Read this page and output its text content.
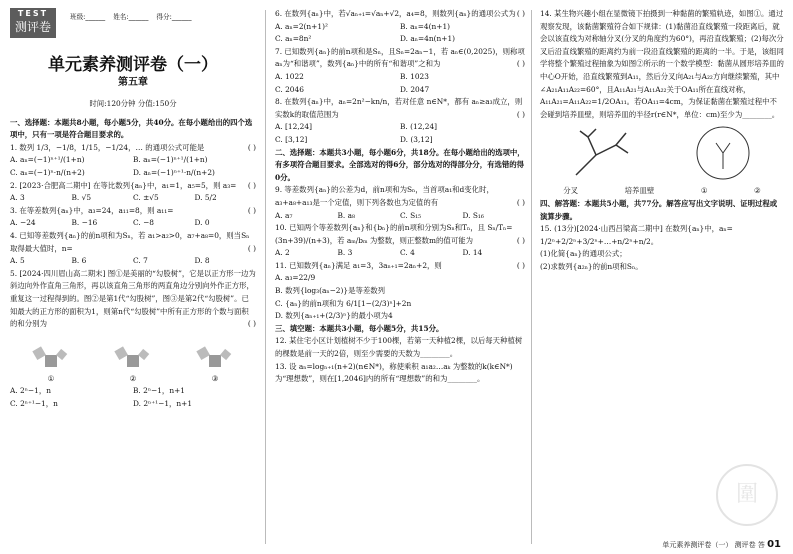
TEST
测评卷
班级:______ 姓名:______ 得分:______
单元素养测评卷（一）
第五章
时间:120分钟 分值:150分
一、选择题：本题共8小题，每小题5分，共40分。在每小题给出的四个选项中，只有一项是符合题目要求的。
1. 数列 1/3，−1/8，1/15，−1/24，… 的通项公式可能是	( )
A. aₙ=(−1)ⁿ⁺¹/(1+n)	B. aₙ=(−1)ⁿ⁺¹/(1+n)
C. aₙ=(−1)ⁿ·n/(n+2)	D. aₙ=(−1)ⁿ⁺¹·n/(n+2)
2. [2023·合肥高二期中] 在等比数列{aₙ}中，a₁=1，a₅=5，则 a₃= ( )
A. 3	B. √5	C. ±√5	D. 5/2
3. 在等差数列{aₙ}中，a₃=24，a₁₁=8，则 a₁₁=	( )
A. −24	B. −16	C. −8	D. 0
4. 已知等差数列{aₙ}的前n项和为Sₙ，若 a₁>a₂>0，a₇+a₈=0，则当Sₙ取得最大值时，n=	( )
A. 5	B. 6	C. 7	D. 8
5. [2024·四川眉山高二期末] 图①是美丽的“勾股树”，它是以正方形一边为斜边向外作直角三角形，再以该直角三角形的两直角边分别向外作正方形，重复这一过程得到的。图②是第1代“勾股树”，图③是第2代“勾股树”。已知最大的正方形的面积为1，则第n代“勾股树”中所有正方形的个数与面积的和分别为	( )
①	②	③
A. 2ⁿ−1，n	B. 2ⁿ−1，n+1
C. 2ⁿ⁺¹−1，n	D. 2ⁿ⁺¹−1，n+1
6. 在数列{aₙ}中，若√aₙ₊₁=√aₙ+√2，a₄=8，则数列{aₙ}的通项公式为 ( )
A. aₙ=2(n+1)²	B. aₙ=4(n+1)
C. aₙ=8n²	D. aₙ=4n(n+1)
7. 已知数列{aₙ}的前n项和是Sₙ，且Sₙ=2aₙ−1，若 aₙ∈(0,2025)，则称项aₙ为“和谐项”，数列{aₙ}中的所有“和谐项”之和为	( )
A. 1022	B. 1023
C. 2046	D. 2047
8. 在数列{aₙ}中，aₙ=2n²−kn/n，若对任意 n∈N*，都有 aₙ≥a₃成立，则实数k的取值范围为	( )
A. [12,24]	B. (12,24]
C. [3,12]	D. (3,12]
二、选择题：本题共3小题，每小题6分，共18分。在每小题给出的选项中，有多项符合题目要求。全部选对的得6分，部分选对的得部分分，有选错的得0分。
9. 等差数列{aₙ}的公差为d，前n项和为Sₙ，当首项a₁和d变化时，a₃+a₈+a₁₃是一个定值，则下列各数也为定值的有	( )
A. a₇	B. a₈	C. S₁₅	D. S₁₆
10. 已知两个等差数列{aₙ}和{bₙ}的前n项和分别为Sₙ和Tₙ，且 Sₙ/Tₙ=(3n+39)/(n+3)，若 aₘ/bₘ 为整数，则正整数m的值可能为	( )
A. 2	B. 3	C. 4	D. 14
11. 已知数列{aₙ}满足 a₁=3，3aₙ₊₁=2aₙ+2，则	( )
A. a₃=22/9
B. 数列{log₃(aₙ−2)}是等差数列
C. {aₙ}的前n项和为 6/1[1−(2/3)ⁿ]+2n
D. 数列{aₙ₊₁+(2/3)ⁿ}的最小项为4
三、填空题：本题共3小题，每小题5分，共15分。
12. 某住宅小区计划植树不少于100棵，若第一天种植2棵，以后每天种植树的棵数是前一天的2倍，则至少需要的天数为________。
13. 设 aₙ=logₙ₊₁(n+2)(n∈N*)，称使乘积 a₁a₂…aₖ 为整数的k(k∈N*)为“理想数”，则在[1,2046]内的所有“理想数”的和为________。
14. 某生物兴趣小组在显微镜下拍摄到一种黏菌的繁殖轨迹，如图①。通过观察发现，该黏菌繁殖符合如下规律：(1)黏菌沿直线繁殖一段距离后，就会以该直线为对称轴分叉(分叉的角度约为60°)，再沿直线繁殖；(2)每次分叉后沿直线繁殖的距离约为前一段沿直线繁殖的距离的一半。于是，该组同学将整个繁殖过程抽象为如图②所示的一个数学模型：黏菌从圆形培养皿的中心O开始，沿直线繁殖到A₁₁，然后分叉向A₂₁与A₂₂方向继续繁殖，其中∠A₂₁A₁₁A₂₂=60°，且A₁₁A₂₁与A₁₁A₂₂关于OA₁₁所在直线对称，A₁₁A₂₁=A₁₁A₂₂=1/2OA₁₁。若OA₁₁=4cm，为保证黏菌在繁殖过程中不会碰到培养皿壁，则培养皿的半径r(r∈N*，单位：cm)至少为________。
分叉	培养皿壁	①	②
四、解答题：本题共5小题，共77分。解答应写出文字说明、证明过程或演算步骤。
15. (13分)[2024·山西吕梁高二期中] 在数列{aₙ}中，aₙ= 1/2ⁿ+2/2ⁿ+3/2ⁿ+…+n/2ⁿ+n/2。
(1)化简{aₙ}的通项公式；
(2)求数列{a₂ₙ}的前n项和Sₙ。
圍
单元素养测评卷（一） 测评卷 答 01
